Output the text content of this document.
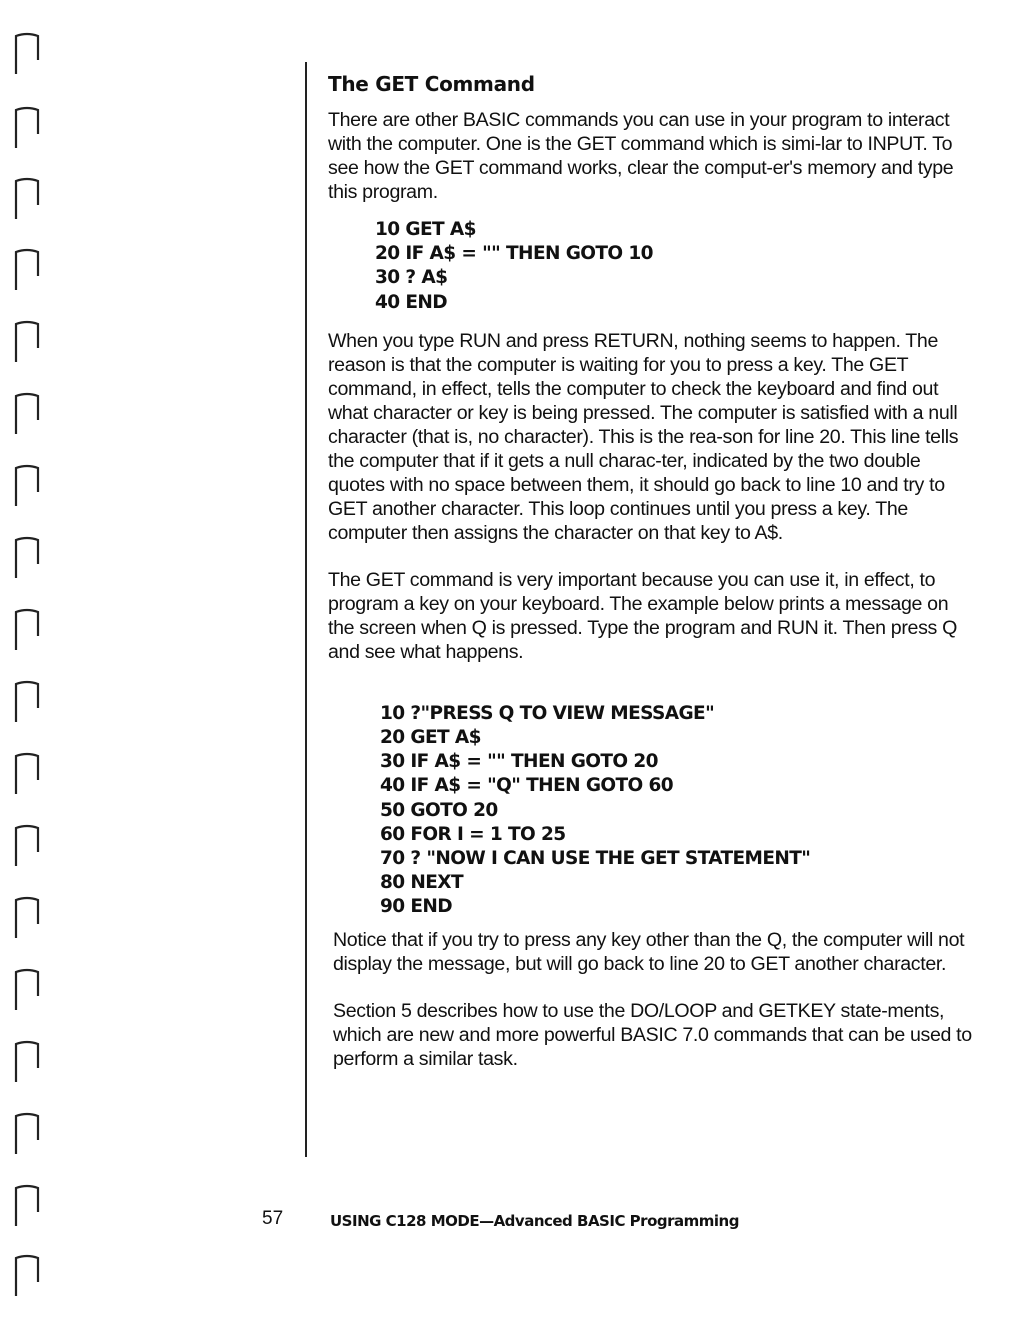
The GET Command

There are other BASIC commands you can use in your program to interact with the computer. One is the GET command which is simi-lar to INPUT. To see how the GET command works, clear the comput-er's memory and type this program.

10 GET A$
20 IF A$ = "" THEN GOTO 10
30 ? A$
40 END

When you type RUN and press RETURN, nothing seems to happen. The reason is that the computer is waiting for you to press a key. The GET command, in effect, tells the computer to check the keyboard and find out what character or key is being pressed. The computer is satisfied with a null character (that is, no character). This is the rea-son for line 20. This line tells the computer that if it gets a null charac-ter, indicated by the two double quotes with no space between them, it should go back to line 10 and try to GET another character. This loop continues until you press a key. The computer then assigns the character on that key to A$.

The GET command is very important because you can use it, in effect, to program a key on your keyboard. The example below prints a message on the screen when Q is pressed. Type the program and RUN it. Then press Q and see what happens.

10 ?"PRESS Q TO VIEW MESSAGE"
20 GET A$
30 IF A$ = "" THEN GOTO 20
40 IF A$ = "Q" THEN GOTO 60
50 GOTO 20
60 FOR I = 1 TO 25
70 ? "NOW I CAN USE THE GET STATEMENT"
80 NEXT
90 END

Notice that if you try to press any key other than the Q, the computer will not display the message, but will go back to line 20 to GET another character.

Section 5 describes how to use the DO/LOOP and GETKEY state-ments, which are new and more powerful BASIC 7.0 commands that can be used to perform a similar task.

57	USING C128 MODE—Advanced BASIC Programming
